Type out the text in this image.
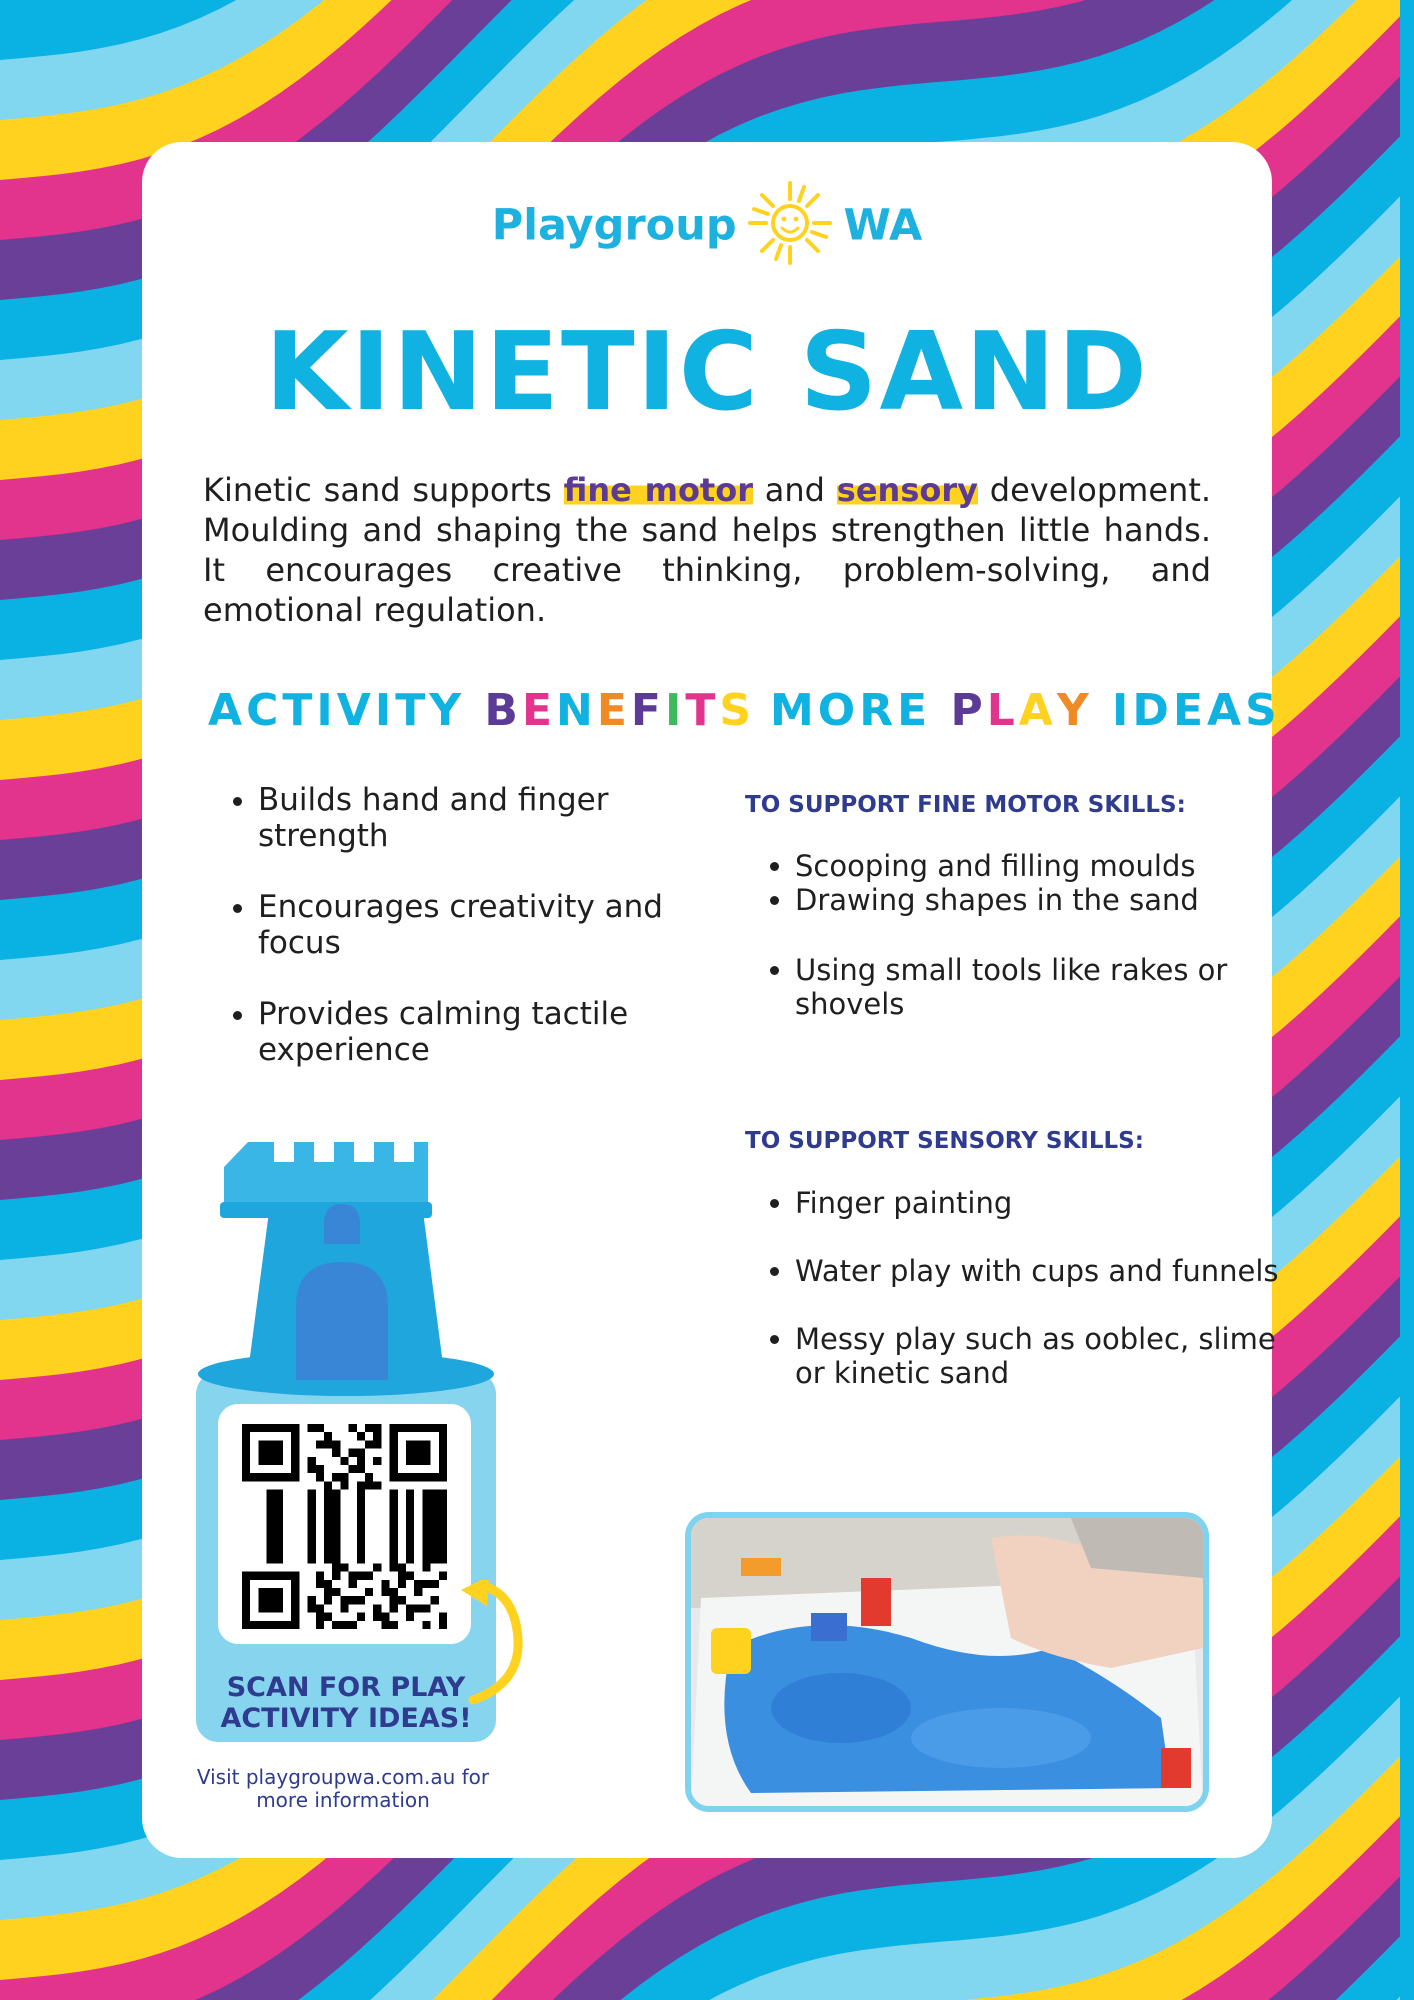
Playgroup WA
KINETIC SAND
Kinetic sand supports fine motor and sensory development. Moulding and shaping the sand helps strengthen little hands. It encourages creative thinking, problem-solving, and emotional regulation.
ACTIVITY BENEFITS
• Builds hand and finger strength
• Encourages creativity and focus
• Provides calming tactile experience
MORE PLAY IDEAS
TO SUPPORT FINE MOTOR SKILLS:
• Scooping and filling moulds
• Drawing shapes in the sand
• Using small tools like rakes or shovels
TO SUPPORT SENSORY SKILLS:
• Finger painting
• Water play with cups and funnels
• Messy play such as ooblec, slime or kinetic sand
SCAN FOR PLAY ACTIVITY IDEAS!
Visit playgroupwa.com.au for more information
